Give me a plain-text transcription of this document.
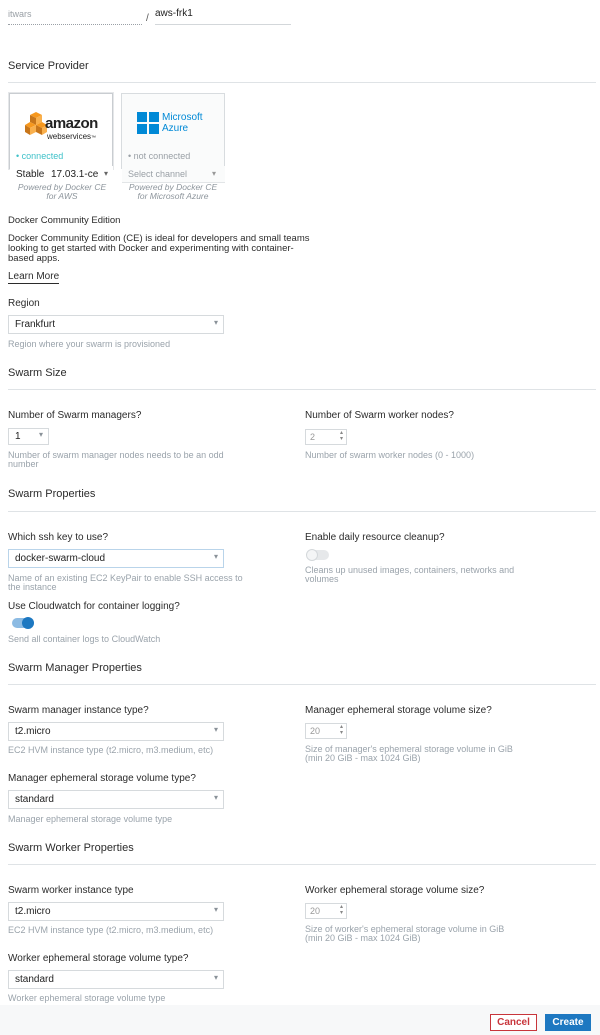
itwars	/ aws-frk1
Service Provider
amazon
webservices™
• connected
Stable 17.03.1-ce ▾
Powered by Docker CE
for AWS
Microsoft
Azure
• not connected
Select channel	▾
Powered by Docker CE
for Microsoft Azure
Docker Community Edition
Docker Community Edition (CE) is ideal for developers and small teams
looking to get started with Docker and experimenting with container-
based apps.
Learn More
Region
Frankfurt	▾
Region where your swarm is provisioned
Swarm Size
Number of Swarm managers?
1 ▾
Number of swarm manager nodes needs to be an odd
number
Number of Swarm worker nodes?
2	▴
▾
Number of swarm worker nodes (0 - 1000)
Swarm Properties
Which ssh key to use?
docker-swarm-cloud	▾
Name of an existing EC2 KeyPair to enable SSH access to
the instance
Enable daily resource cleanup?
Cleans up unused images, containers, networks and
volumes
Use Cloudwatch for container logging?
Send all container logs to CloudWatch
Swarm Manager Properties
Swarm manager instance type?
t2.micro	▾
EC2 HVM instance type (t2.micro, m3.medium, etc)
Manager ephemeral storage volume size?
20	▴
▾
Size of manager's ephemeral storage volume in GiB
(min 20 GiB - max 1024 GiB)
Manager ephemeral storage volume type?
standard	▾
Manager ephemeral storage volume type
Swarm Worker Properties
Swarm worker instance type
t2.micro	▾
EC2 HVM instance type (t2.micro, m3.medium, etc)
Worker ephemeral storage volume size?
20	▴
▾
Size of worker's ephemeral storage volume in GiB
(min 20 GiB - max 1024 GiB)
Worker ephemeral storage volume type?
standard	▾
Worker ephemeral storage volume type
Cancel	Create
